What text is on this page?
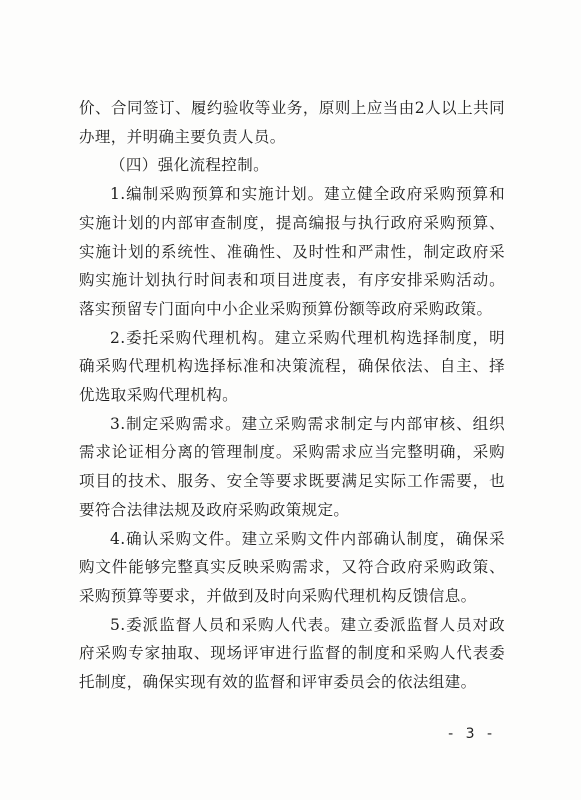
价、合同签订、履约验收等业务，原则上应当由2人以上共同办理，并明确主要负责人员。

（四）强化流程控制。

1.编制采购预算和实施计划。建立健全政府采购预算和实施计划的内部审查制度，提高编报与执行政府采购预算、实施计划的系统性、准确性、及时性和严肃性，制定政府采购实施计划执行时间表和项目进度表，有序安排采购活动。落实预留专门面向中小企业采购预算份额等政府采购政策。

2.委托采购代理机构。建立采购代理机构选择制度，明确采购代理机构选择标准和决策流程，确保依法、自主、择优选取采购代理机构。

3.制定采购需求。建立采购需求制定与内部审核、组织需求论证相分离的管理制度。采购需求应当完整明确，采购项目的技术、服务、安全等要求既要满足实际工作需要，也要符合法律法规及政府采购政策规定。

4.确认采购文件。建立采购文件内部确认制度，确保采购文件能够完整真实反映采购需求，又符合政府采购政策、采购预算等要求，并做到及时向采购代理机构反馈信息。

5.委派监督人员和采购人代表。建立委派监督人员对政府采购专家抽取、现场评审进行监督的制度和采购人代表委托制度，确保实现有效的监督和评审委员会的依法组建。

- 3 -
